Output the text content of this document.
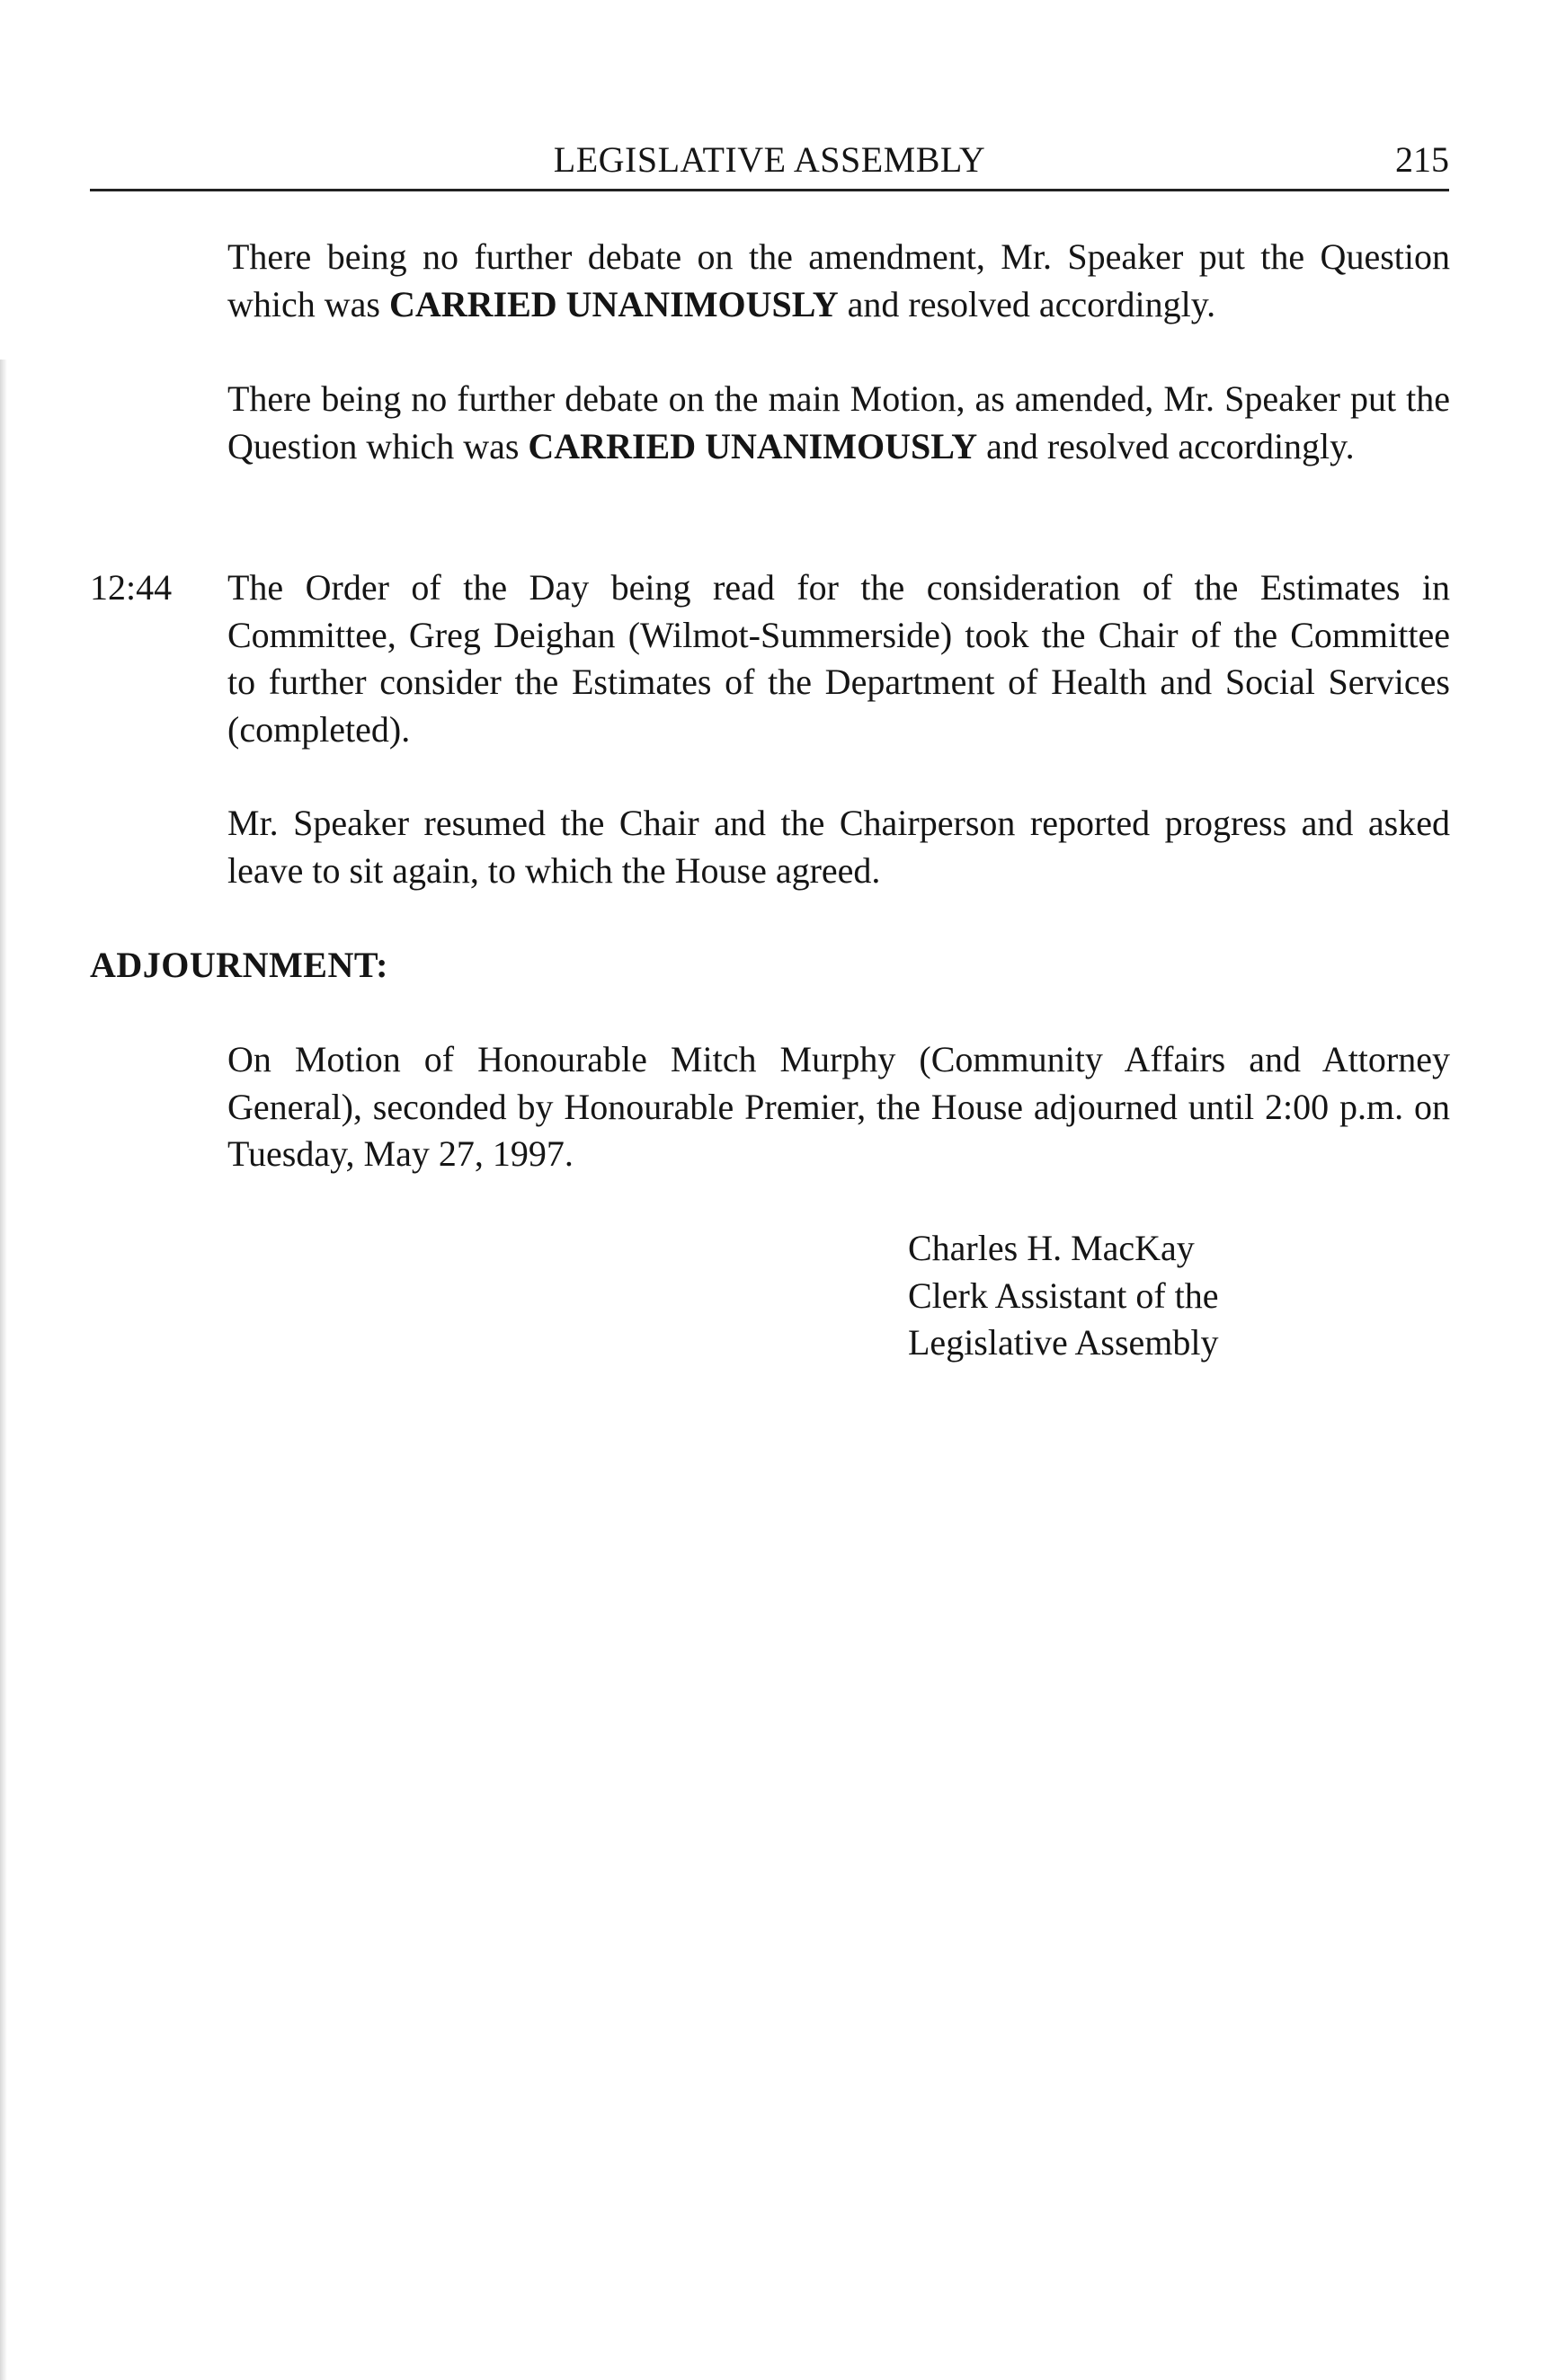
LEGISLATIVE ASSEMBLY	215

There being no further debate on the amendment, Mr. Speaker put the Question which was CARRIED UNANIMOUSLY and resolved accordingly.

There being no further debate on the main Motion, as amended, Mr. Speaker put the Question which was CARRIED UNANIMOUSLY and resolved accordingly.

12:44 The Order of the Day being read for the consideration of the Estimates in Committee, Greg Deighan (Wilmot-Summerside) took the Chair of the Committee to further consider the Estimates of the Department of Health and Social Services (completed).

Mr. Speaker resumed the Chair and the Chairperson reported progress and asked leave to sit again, to which the House agreed.

ADJOURNMENT:

On Motion of Honourable Mitch Murphy (Community Affairs and Attorney General), seconded by Honourable Premier, the House adjourned until 2:00 p.m. on Tuesday, May 27, 1997.

Charles H. MacKay
Clerk Assistant of the
Legislative Assembly
